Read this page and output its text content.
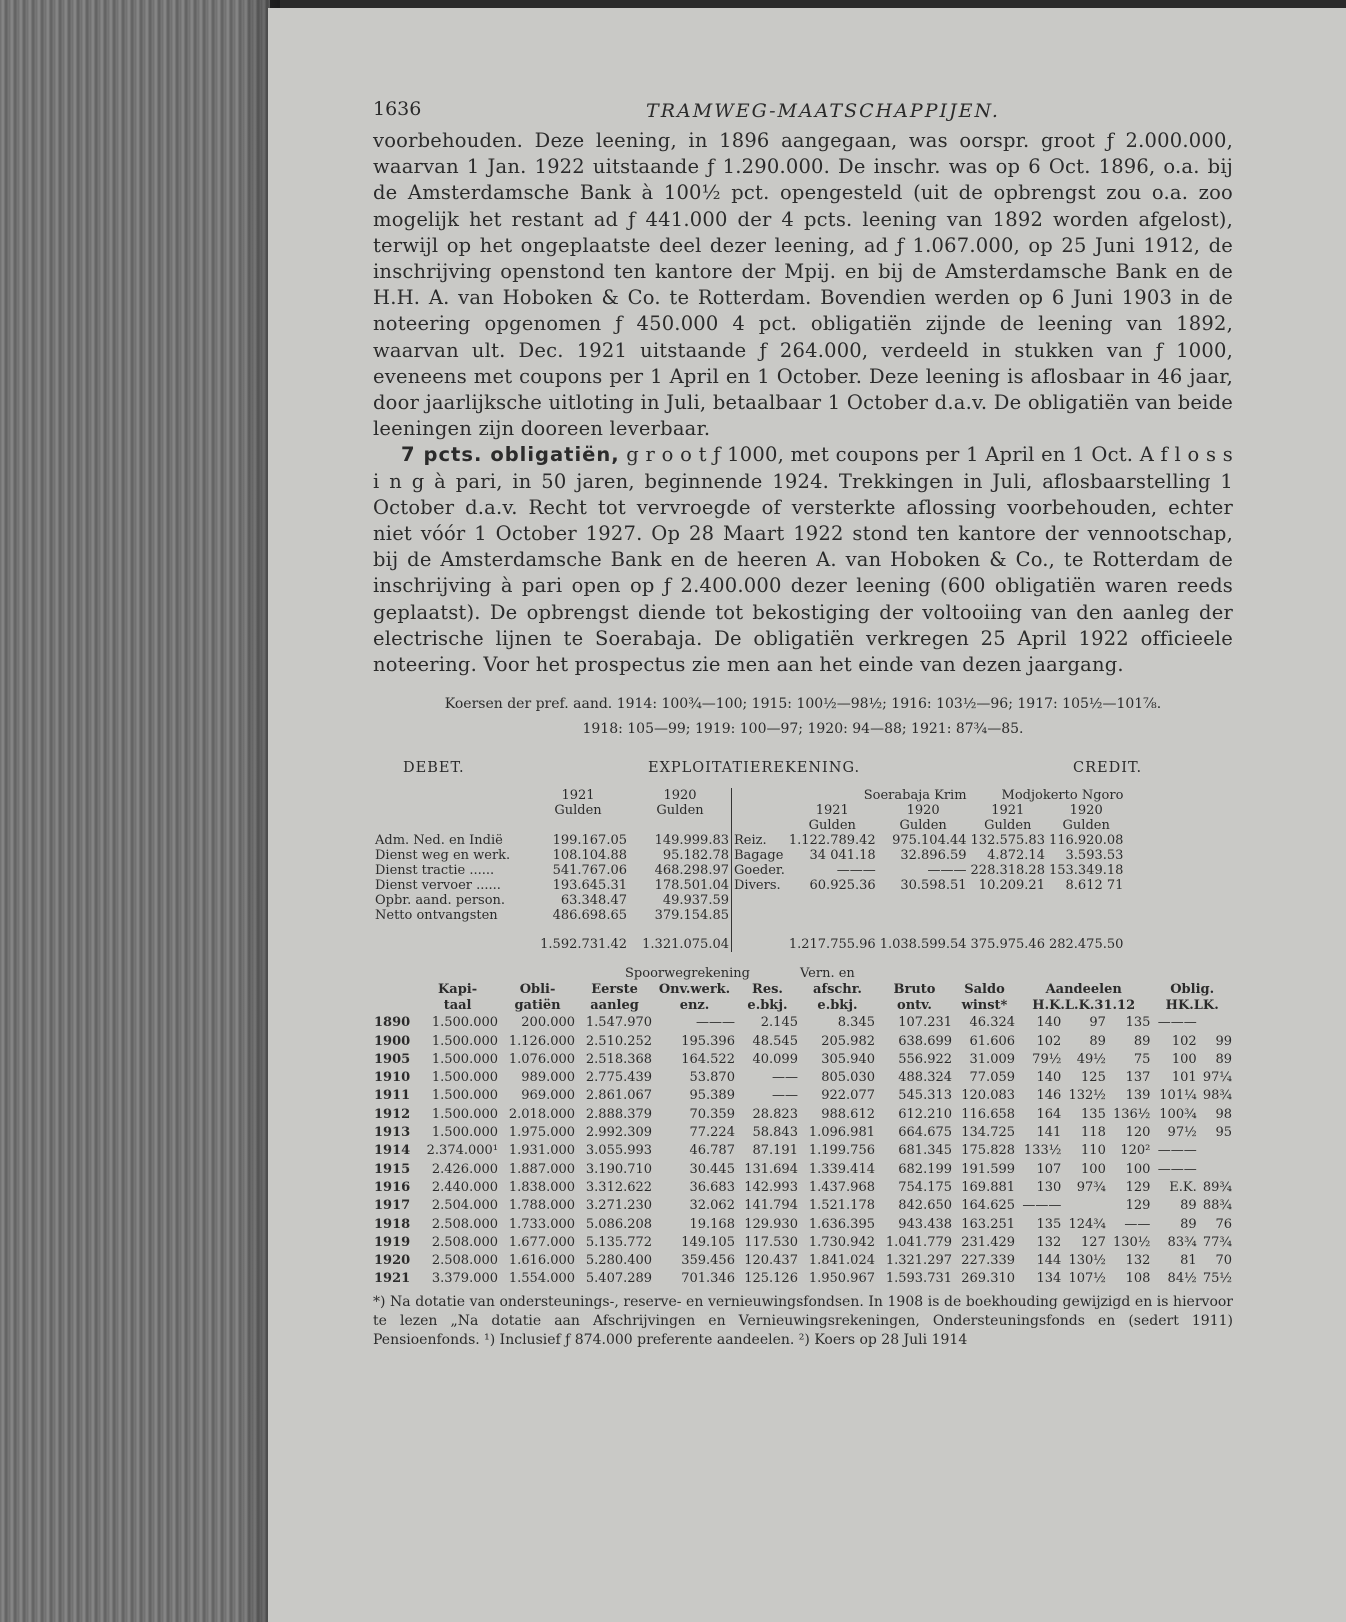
1636	TRAMWEG-MAATSCHAPPIJEN.

voorbehouden. Deze leening, in 1896 aangegaan, was oorspr. groot ƒ 2.000.000, waarvan 1 Jan. 1922 uitstaande ƒ 1.290.000. De inschr. was op 6 Oct. 1896, o.a. bij de Amsterdamsche Bank à 100½ pct. opengesteld (uit de opbrengst zou o.a. zoo mogelijk het restant ad ƒ 441.000 der 4 pcts. leening van 1892 worden afgelost), terwijl op het ongeplaatste deel dezer leening, ad ƒ 1.067.000, op 25 Juni 1912, de inschrijving openstond ten kantore der Mpij. en bij de Amsterdamsche Bank en de H.H. A. van Hoboken & Co. te Rotterdam. Bovendien werden op 6 Juni 1903 in de noteering opgenomen ƒ 450.000 4 pct. obligatiën zijnde de leening van 1892, waarvan ult. Dec. 1921 uitstaande ƒ 264.000, verdeeld in stukken van ƒ 1000, eveneens met coupons per 1 April en 1 October. Deze leening is aflosbaar in 46 jaar, door jaarlijksche uitloting in Juli, betaalbaar 1 October d.a.v. De obligatiën van beide leeningen zijn dooreen leverbaar.

7 pcts. obligatiën, g r o o t ƒ 1000, met coupons per 1 April en 1 Oct. A f l o s s i n g à pari, in 50 jaren, beginnende 1924. Trekkingen in Juli, aflosbaarstelling 1 October d.a.v. Recht tot vervroegde of versterkte aflossing voorbehouden, echter niet vóór 1 October 1927. Op 28 Maart 1922 stond ten kantore der vennootschap, bij de Amsterdamsche Bank en de heeren A. van Hoboken & Co., te Rotterdam de inschrijving à pari open op ƒ 2.400.000 dezer leening (600 obligatiën waren reeds geplaatst). De opbrengst diende tot bekostiging der voltooiing van den aanleg der electrische lijnen te Soerabaja. De obligatiën verkregen 25 April 1922 officieele noteering. Voor het prospectus zie men aan het einde van dezen jaargang.

Koersen der pref. aand. 1914: 100¾—100; 1915: 100½—98½; 1916: 103½—96; 1917: 105½—101⅞.
1918: 105—99; 1919: 100—97; 1920: 94—88; 1921: 87¾—85.
DEBET.	EXPLOITATIEREKENING.	CREDIT.
	1921	1920	Soerabaja Krim			Modjokerto Ngoro	
	Gulden	Gulden		1921	1920	1921	1920
				Gulden	Gulden	Gulden	Gulden
Adm. Ned. en Indië	199.167.05	149.999.83	Reiz.	1.122.789.42	975.104.44	132.575.83	116.920.08
Dienst weg en werk.	108.104.88	95.182.78	Bagage	34 041.18	32.896.59	4.872.14	3.593.53
Dienst tractie ......	541.767.06	468.298.97	Goeder.	———	———	228.318.28	153.349.18
Dienst vervoer ......	193.645.31	178.501.04	Divers.	60.925.36	30.598.51	10.209.21	8.612 71
Opbr. aand. person.	63.348.47	49.937.59					
Netto ontvangsten	486.698.65	379.154.85					

	1.592.731.42	1.321.075.04		1.217.755.96	1.038.599.54	375.975.46	282.475.50
			Spoorwegrekening			Vern. en							
	Kapi-	Obli-	Eerste	Onv.werk.	Res.	afschr.	Bruto	Saldo	Aandeelen			Oblig.	
	taal	gatiën	aanleg	enz.	e.bkj.	e.bkj.	ontv.	winst*	H.K.L.K.31.12			HK.LK.	
1890	1.500.000	200.000	1.547.970	———	2.145	8.345	107.231	46.324	140	97	135	———	
1900	1.500.000	1.126.000	2.510.252	195.396	48.545	205.982	638.699	61.606	102	89	89	102	99
1905	1.500.000	1.076.000	2.518.368	164.522	40.099	305.940	556.922	31.009	79½	49½	75	100	89
1910	1.500.000	989.000	2.775.439	53.870	——	805.030	488.324	77.059	140	125	137	101	97¼
1911	1.500.000	969.000	2.861.067	95.389	——	922.077	545.313	120.083	146	132½	139	101¼	98¾
1912	1.500.000	2.018.000	2.888.379	70.359	28.823	988.612	612.210	116.658	164	135	136½	100¾	98
1913	1.500.000	1.975.000	2.992.309	77.224	58.843	1.096.981	664.675	134.725	141	118	120	97½	95
1914	2.374.000¹	1.931.000	3.055.993	46.787	87.191	1.199.756	681.345	175.828	133½	110	120²	———	
1915	2.426.000	1.887.000	3.190.710	30.445	131.694	1.339.414	682.199	191.599	107	100	100	———	
1916	2.440.000	1.838.000	3.312.622	36.683	142.993	1.437.968	754.175	169.881	130	97¾	129	E.K.	89¾
1917	2.504.000	1.788.000	3.271.230	32.062	141.794	1.521.178	842.650	164.625	———		129	89	88¾
1918	2.508.000	1.733.000	5.086.208	19.168	129.930	1.636.395	943.438	163.251	135	124¾	——	89	76
1919	2.508.000	1.677.000	5.135.772	149.105	117.530	1.730.942	1.041.779	231.429	132	127	130½	83¾	77¾
1920	2.508.000	1.616.000	5.280.400	359.456	120.437	1.841.024	1.321.297	227.339	144	130½	132	81	70
1921	3.379.000	1.554.000	5.407.289	701.346	125.126	1.950.967	1.593.731	269.310	134	107½	108	84½	75½
*) Na dotatie van ondersteunings-, reserve- en vernieuwingsfondsen. In 1908 is de boekhouding gewijzigd en is hiervoor te lezen „Na dotatie aan Afschrijvingen en Vernieuwingsrekeningen, Ondersteuningsfonds en (sedert 1911) Pensioenfonds. ¹) Inclusief ƒ 874.000 preferente aandeelen. ²) Koers op 28 Juli 1914
